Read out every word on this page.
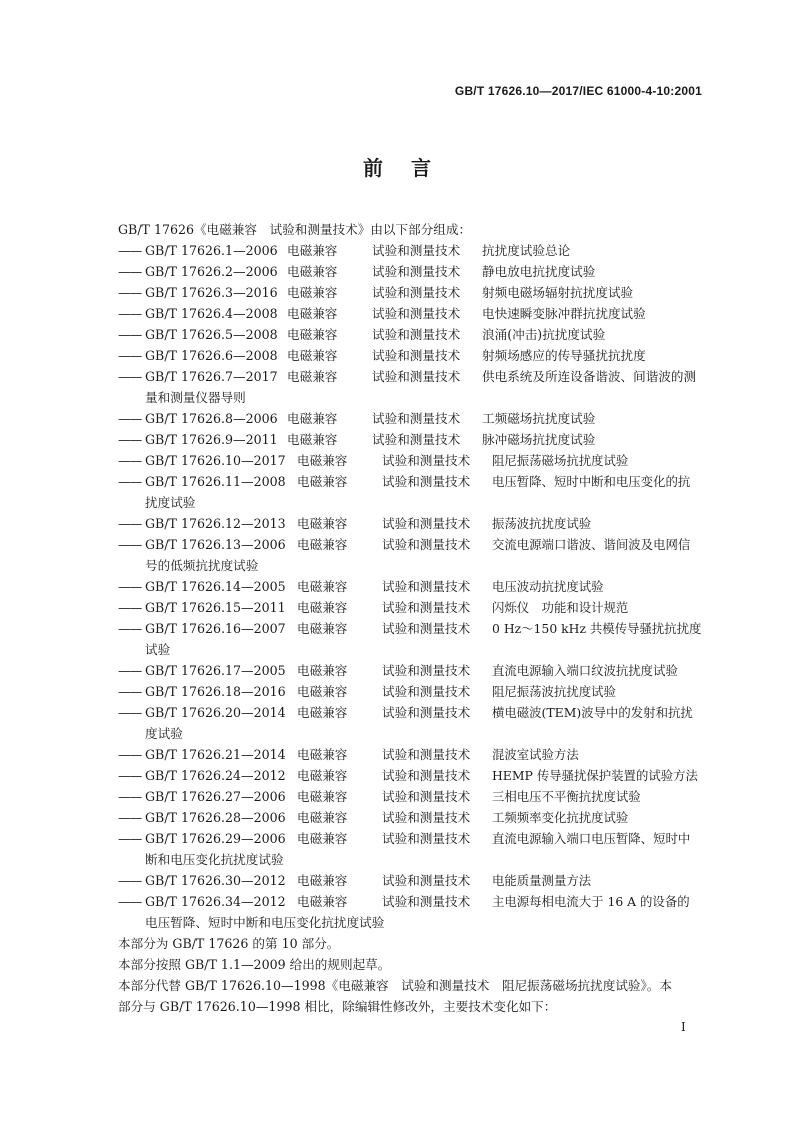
GB/T 17626.10—2017/IEC 61000-4-10:2001
前言
GB/T 17626《电磁兼容　试验和测量技术》由以下部分组成：
—— GB/T 17626.1—2006 电磁兼容	试验和测量技术	抗扰度试验总论
—— GB/T 17626.2—2006 电磁兼容	试验和测量技术	静电放电抗扰度试验
—— GB/T 17626.3—2016 电磁兼容	试验和测量技术	射频电磁场辐射抗扰度试验
—— GB/T 17626.4—2008 电磁兼容	试验和测量技术	电快速瞬变脉冲群抗扰度试验
—— GB/T 17626.5—2008 电磁兼容	试验和测量技术	浪涌(冲击)抗扰度试验
—— GB/T 17626.6—2008 电磁兼容	试验和测量技术	射频场感应的传导骚扰抗扰度
—— GB/T 17626.7—2017 电磁兼容	试验和测量技术	供电系统及所连设备谐波、间谐波的测
量和测量仪器导则
—— GB/T 17626.8—2006 电磁兼容	试验和测量技术	工频磁场抗扰度试验
—— GB/T 17626.9—2011 电磁兼容	试验和测量技术	脉冲磁场抗扰度试验
—— GB/T 17626.10—2017 电磁兼容	试验和测量技术	阻尼振荡磁场抗扰度试验
—— GB/T 17626.11—2008 电磁兼容	试验和测量技术	电压暂降、短时中断和电压变化的抗
扰度试验
—— GB/T 17626.12—2013 电磁兼容	试验和测量技术	振荡波抗扰度试验
—— GB/T 17626.13—2006 电磁兼容	试验和测量技术	交流电源端口谐波、谐间波及电网信
号的低频抗扰度试验
—— GB/T 17626.14—2005 电磁兼容	试验和测量技术	电压波动抗扰度试验
—— GB/T 17626.15—2011 电磁兼容	试验和测量技术	闪烁仪　功能和设计规范
—— GB/T 17626.16—2007 电磁兼容	试验和测量技术	0 Hz～150 kHz 共模传导骚扰抗扰度
试验
—— GB/T 17626.17—2005 电磁兼容	试验和测量技术	直流电源输入端口纹波抗扰度试验
—— GB/T 17626.18—2016 电磁兼容	试验和测量技术	阻尼振荡波抗扰度试验
—— GB/T 17626.20—2014 电磁兼容	试验和测量技术	横电磁波(TEM)波导中的发射和抗扰
度试验
—— GB/T 17626.21—2014 电磁兼容	试验和测量技术	混波室试验方法
—— GB/T 17626.24—2012 电磁兼容	试验和测量技术	HEMP 传导骚扰保护装置的试验方法
—— GB/T 17626.27—2006 电磁兼容	试验和测量技术	三相电压不平衡抗扰度试验
—— GB/T 17626.28—2006 电磁兼容	试验和测量技术	工频频率变化抗扰度试验
—— GB/T 17626.29—2006 电磁兼容	试验和测量技术	直流电源输入端口电压暂降、短时中
断和电压变化抗扰度试验
—— GB/T 17626.30—2012 电磁兼容	试验和测量技术	电能质量测量方法
—— GB/T 17626.34—2012 电磁兼容	试验和测量技术	主电源每相电流大于 16 A 的设备的
电压暂降、短时中断和电压变化抗扰度试验
本部分为 GB/T 17626 的第 10 部分。
本部分按照 GB/T 1.1—2009 给出的规则起草。
本部分代替 GB/T 17626.10—1998《电磁兼容　试验和测量技术　阻尼振荡磁场抗扰度试验》。本
部分与 GB/T 17626.10—1998 相比，除编辑性修改外，主要技术变化如下：
I
